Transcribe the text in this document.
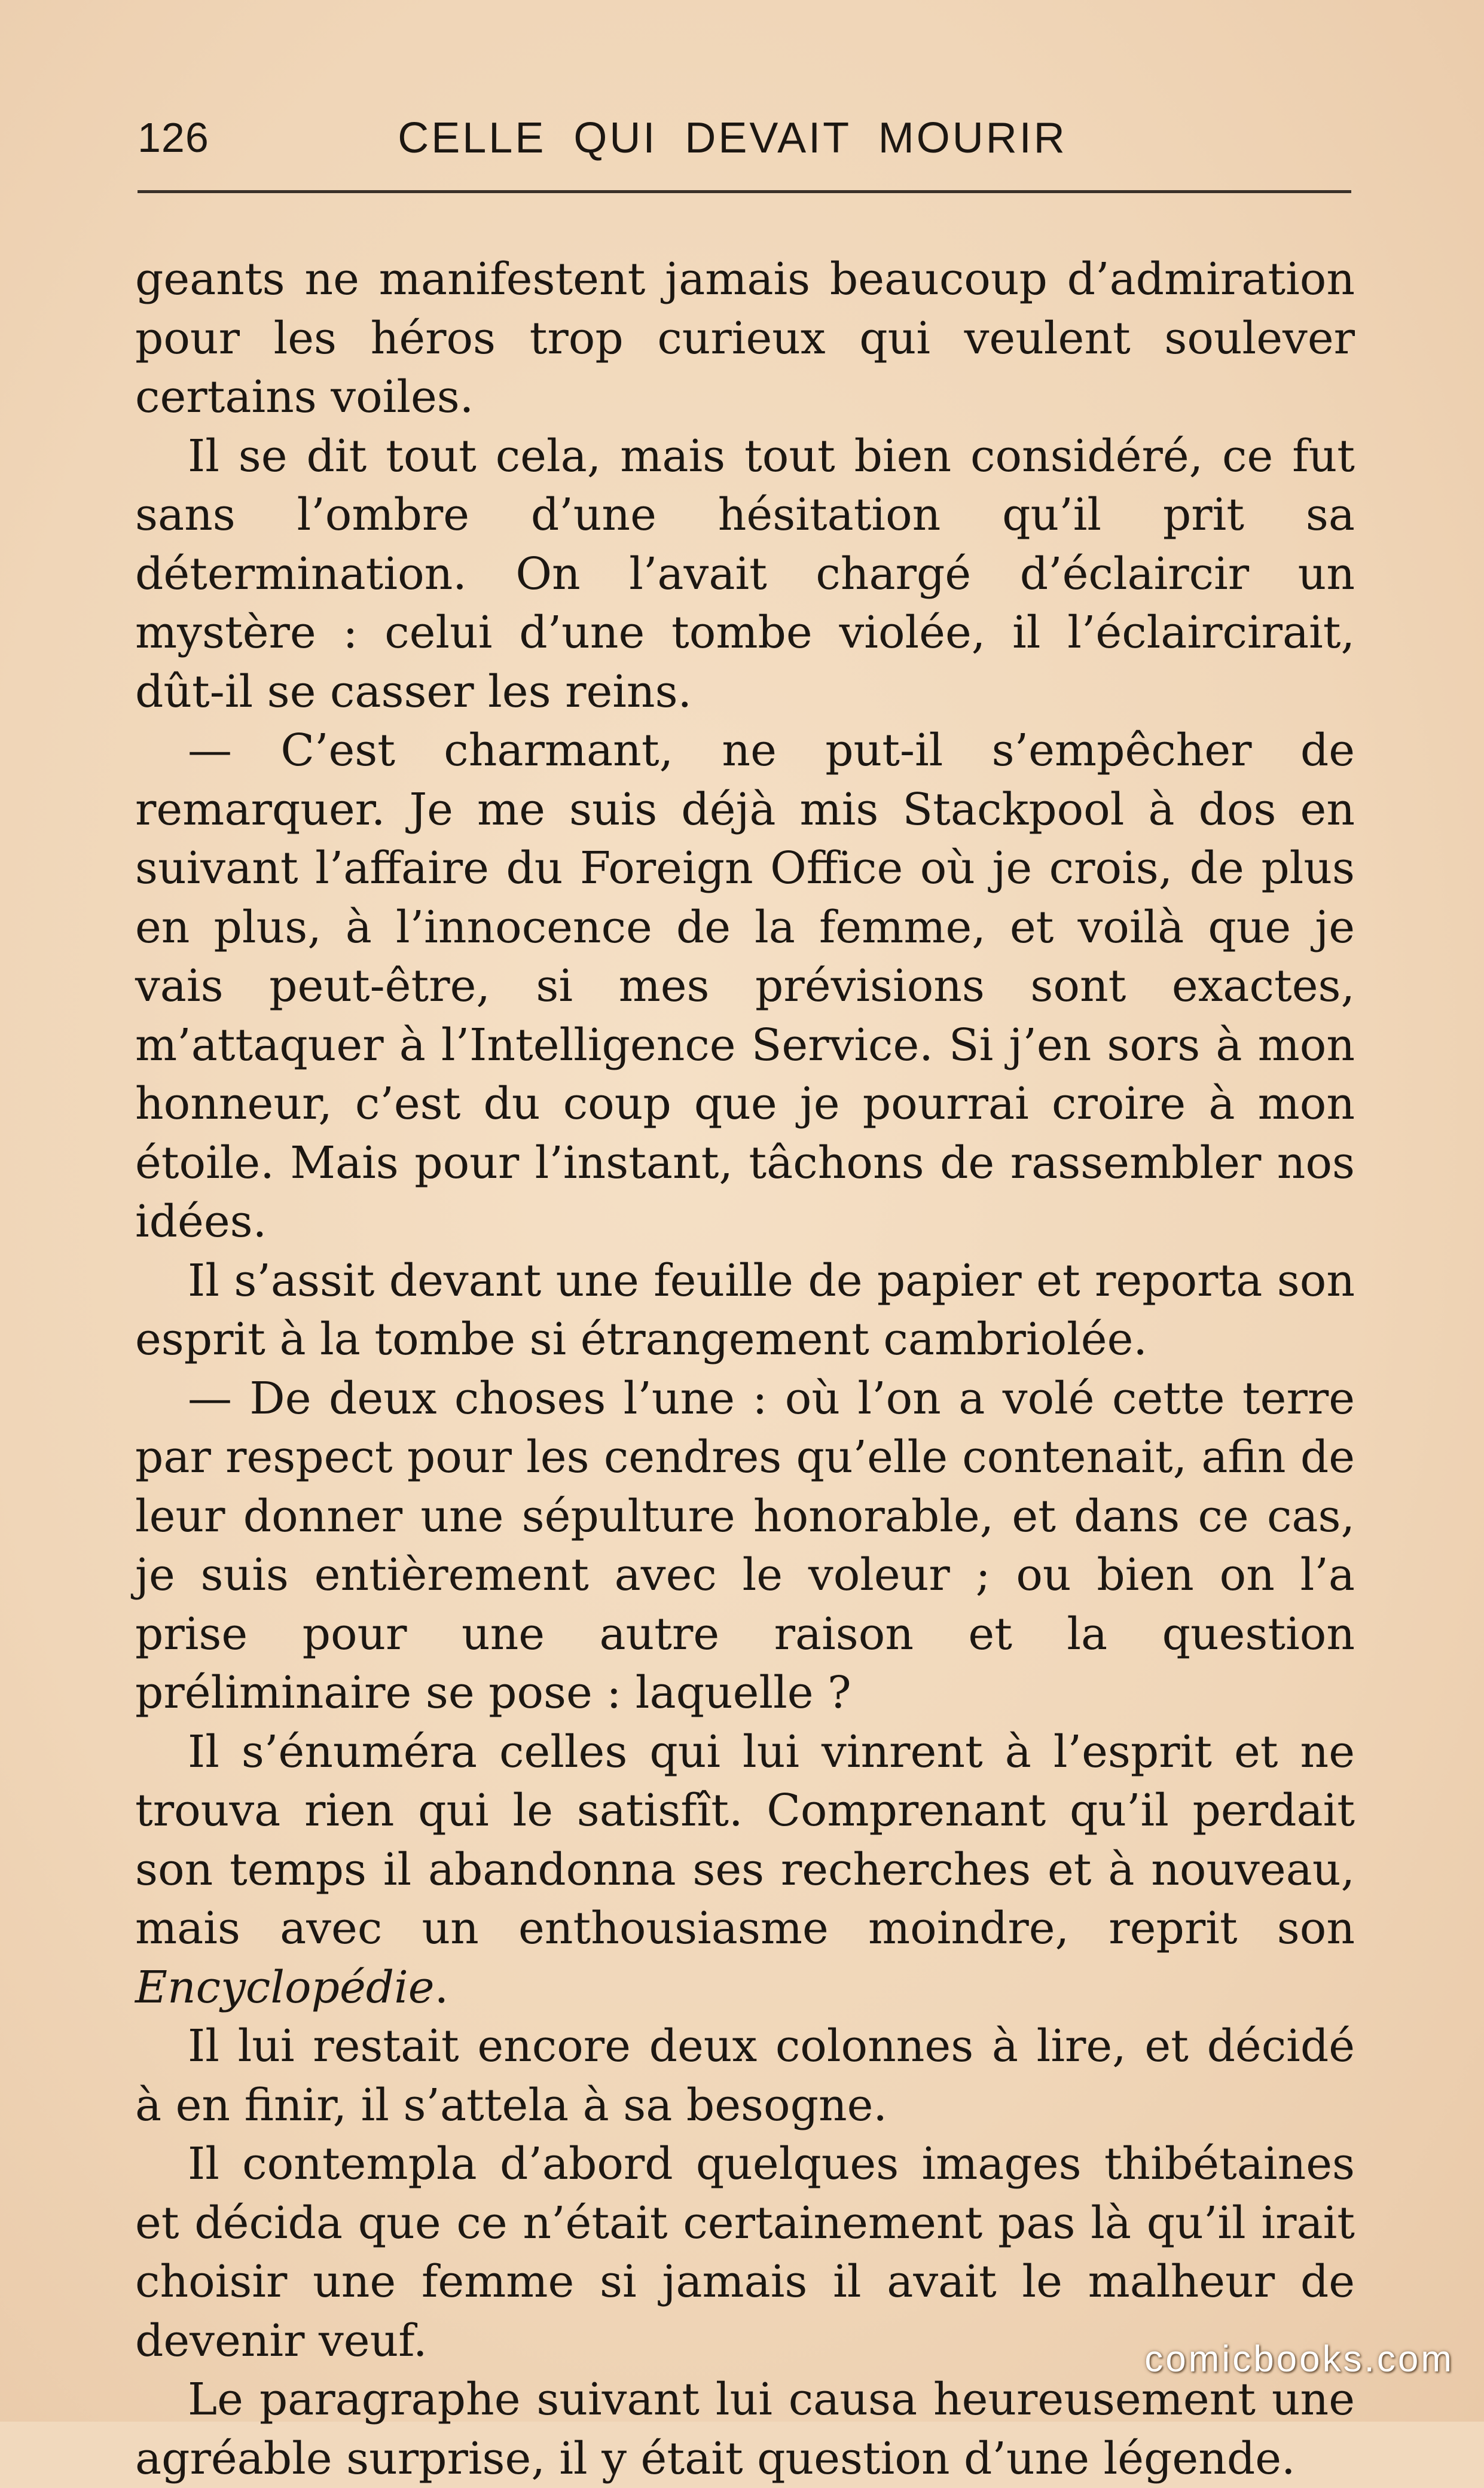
126	CELLE QUI DEVAIT MOURIR

geants ne manifestent jamais beaucoup d’admiration pour les héros trop curieux qui veulent soulever certains voiles.

Il se dit tout cela, mais tout bien considéré, ce fut sans l’ombre d’une hésitation qu’il prit sa détermination. On l’avait chargé d’éclaircir un mystère : celui d’une tombe violée, il l’éclaircirait, dût-il se casser les reins.

— C’est charmant, ne put-il s’empêcher de remarquer. Je me suis déjà mis Stackpool à dos en suivant l’affaire du Foreign Office où je crois, de plus en plus, à l’innocence de la femme, et voilà que je vais peut-être, si mes prévisions sont exactes, m’attaquer à l’Intelligence Service. Si j’en sors à mon honneur, c’est du coup que je pourrai croire à mon étoile. Mais pour l’instant, tâchons de rassembler nos idées.

Il s’assit devant une feuille de papier et reporta son esprit à la tombe si étrangement cambriolée.

— De deux choses l’une : où l’on a volé cette terre par respect pour les cendres qu’elle contenait, afin de leur donner une sépulture honorable, et dans ce cas, je suis entièrement avec le voleur ; ou bien on l’a prise pour une autre raison et la question préliminaire se pose : laquelle ?

Il s’énuméra celles qui lui vinrent à l’esprit et ne trouva rien qui le satisfît. Comprenant qu’il perdait son temps il abandonna ses recherches et à nouveau, mais avec un enthousiasme moindre, reprit son Encyclopédie.

Il lui restait encore deux colonnes à lire, et décidé à en finir, il s’attela à sa besogne.

Il contempla d’abord quelques images thibétaines et décida que ce n’était certainement pas là qu’il irait choisir une femme si jamais il avait le malheur de devenir veuf.

Le paragraphe suivant lui causa heureusement une agréable surprise, il y était question d’une légende.

comicbooks.com
